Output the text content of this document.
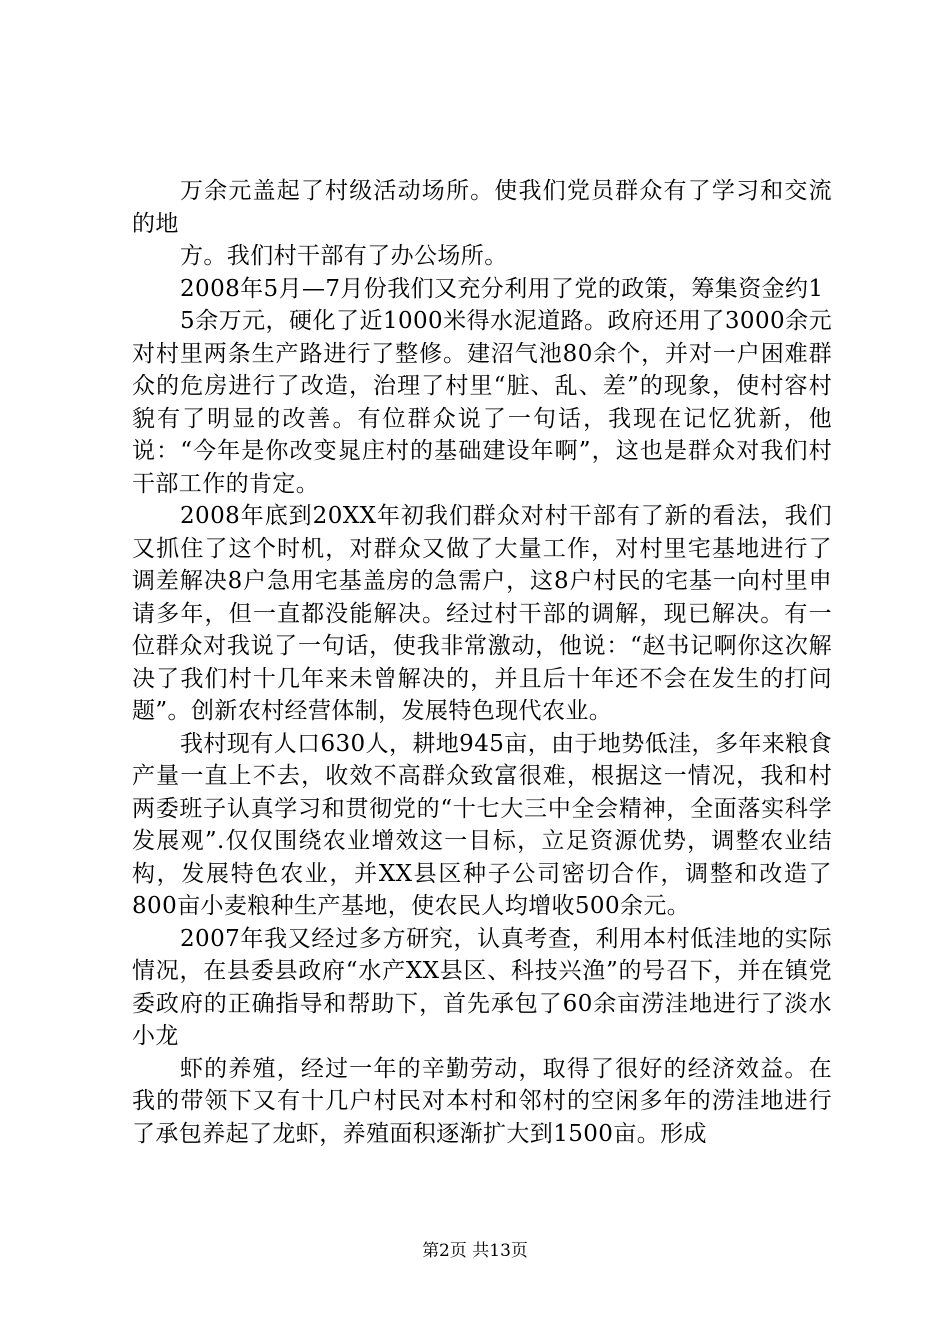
万余元盖起了村级活动场所。使我们党员群众有了学习和交流的地

方。我们村干部有了办公场所。

2008年5月—7月份我们又充分利用了党的政策，筹集资金约1

5余万元，硬化了近1000米得水泥道路。政府还用了3000余元对村里两条生产路进行了整修。建沼气池80余个，并对一户困难群众的危房进行了改造，治理了村里“脏、乱、差”的现象，使村容村貌有了明显的改善。有位群众说了一句话，我现在记忆犹新，他说：“今年是你改变晁庄村的基础建设年啊”，这也是群众对我们村干部工作的肯定。

2008年底到20XX年初我们群众对村干部有了新的看法，我们又抓住了这个时机，对群众又做了大量工作，对村里宅基地进行了调差解决8户急用宅基盖房的急需户，这8户村民的宅基一向村里申请多年，但一直都没能解决。经过村干部的调解，现已解决。有一位群众对我说了一句话，使我非常激动，他说：“赵书记啊你这次解决了我们村十几年来未曾解决的，并且后十年还不会在发生的打问题”。创新农村经营体制，发展特色现代农业。

我村现有人口630人，耕地945亩，由于地势低洼，多年来粮食产量一直上不去，收效不高群众致富很难，根据这一情况，我和村两委班子认真学习和贯彻党的“十七大三中全会精神，全面落实科学发展观”.仅仅围绕农业增效这一目标，立足资源优势，调整农业结构，发展特色农业，并XX县区种子公司密切合作，调整和改造了800亩小麦粮种生产基地，使农民人均增收500余元。

2007年我又经过多方研究，认真考查，利用本村低洼地的实际情况，在县委县政府“水产XX县区、科技兴渔”的号召下，并在镇党委政府的正确指导和帮助下，首先承包了60余亩涝洼地进行了淡水小龙

虾的养殖，经过一年的辛勤劳动，取得了很好的经济效益。在我的带领下又有十几户村民对本村和邻村的空闲多年的涝洼地进行了承包养起了龙虾，养殖面积逐渐扩大到1500亩。形成

第2页 共13页
